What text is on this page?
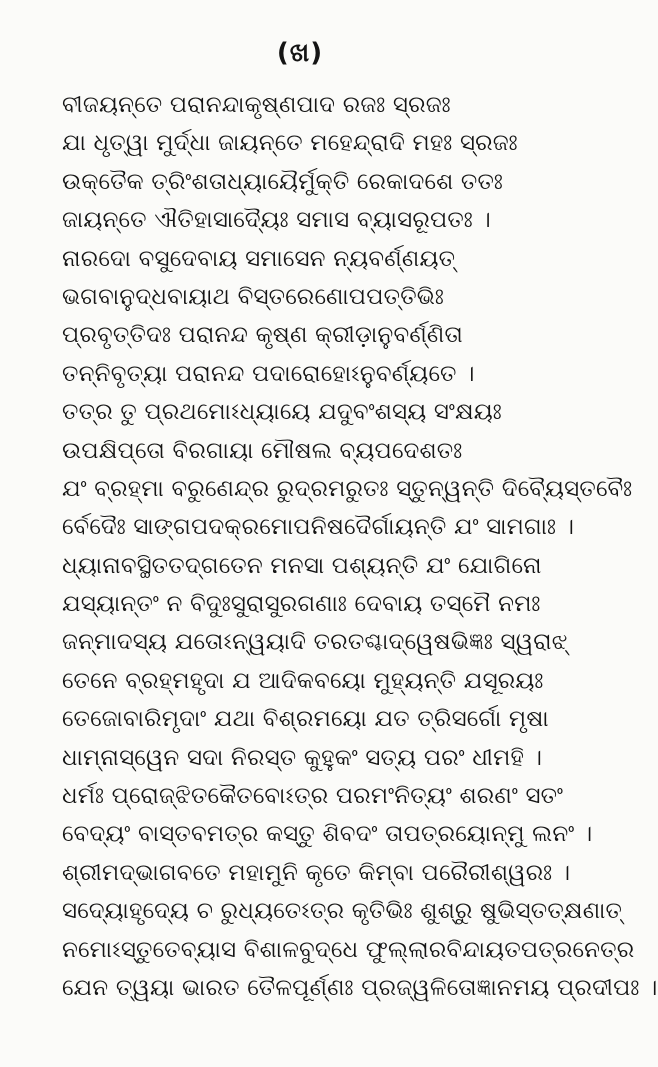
(ଖ)
ବୀଜୟନ୍ତେ ପରାନନ୍ଦାକୃଷ୍ଣପାଦ ରଜଃ ସ୍ରଜଃ
ଯା ଧୃତ୍ୱା ମୁର୍ଦ୍ଧା ଜାୟନ୍ତେ ମହେନ୍ଦ୍ରାଦି ମହଃ ସ୍ରଜଃ
ଉକ୍ତୈକ ତ୍ରିଂଶତାଧ୍ୟାୟୈର୍ମୁକ୍ତି ରେକାଦଶେ ତତଃ
ଜାୟନ୍ତେ ଐତିହାସାଦ୍ୟୈଃ ସମାସ ବ୍ୟାସରୂପତଃ ।
ନାରଦୋ ବସୁଦେବାୟ ସମାସେନ ନ୍ୟବର୍ଣ୍ଣୟତ୍
ଭଗବାନୁଦ୍ଧବାୟାଥ ବିସ୍ତରେଣୋପପତ୍ତିଭିଃ
ପ୍ରବୃତ୍ତିଦଃ ପରାନନ୍ଦ କୃଷ୍ଣ କ୍ରୀଡ଼ାନୁବର୍ଣ୍ଣିତା
ତନ୍ନିବୃତ୍ୟା ପରାନନ୍ଦ ପଦାରୋହୋଽନୁବର୍ଣ୍ୟତେ ।
ତତ୍ର ତୁ ପ୍ରଥମୋଽଧ୍ୟାୟେ ଯଦୁବଂଶସ୍ୟ ସଂକ୍ଷୟଃ
ଉପକ୍ଷିପ୍ତୋ ବିରଗାୟା ମୌଷଲ ବ୍ୟପଦେଶତଃ
ଯଂ ବ୍ରହ୍ମା ବରୁଣେନ୍ଦ୍ର ରୁଦ୍ରମରୁତଃ ସ୍ତୁନ୍ୱନ୍ତି ଦିବ୍ୟୈସ୍ତବୈଃ
ର୍ବେଦୈଃ ସାଙ୍ଗପଦକ୍ରମୋପନିଷଦୈର୍ଗାୟନ୍ତି ଯଂ ସାମଗାଃ ।
ଧ୍ୟାନାବସ୍ଥିତତଦ୍ଗତେନ ମନସା ପଶ୍ୟନ୍ତି ଯଂ ଯୋଗିନୋ
ଯସ୍ୟାନ୍ତଂ ନ ବିଦୁଃସୁରାସୁରଗଣାଃ ଦେବାୟ ତସ୍ମୈ ନମଃ
ଜନ୍ମାଦସ୍ୟ ଯତୋଽନ୍ୱୟାଦି ତରତଶ୍ଚାଦ୍ୱେଷଭିଜ୍ଞଃ ସ୍ୱରାଝ୍
ତେନେ ବ୍ରହ୍ମହୃଦା ଯ ଆଦିକବୟୋ ମୁହ୍ୟନ୍ତି ଯସୂରୟଃ
ତେଜୋବାରିମୃଦାଂ ଯଥା ବିଶ୍ରମୟୋ ଯତ ତ୍ରିସର୍ଗୋ ମୃଷା
ଧାମ୍ନାସ୍ୱେନ ସଦା ନିରସ୍ତ କୁହୁକଂ ସତ୍ୟ ପରଂ ଧୀମହି ।
ଧର୍ମଃ ପ୍ରୋଜ୍ଝିତକୈତବୋଽତ୍ର ପରମଂନିତ୍ୟଂ ଶରଣଂ ସତଂ
ବେଦ୍ୟଂ ବାସ୍ତବମତ୍ର କସ୍ତୁ ଶିବଦଂ ତାପତ୍ରୟୋନ୍ମୁ ଲନଂ ।
ଶ୍ରୀମଦ୍ଭାଗବତେ ମହାମୁନି କୃତେ କିମ୍ବା ପରୈରୀଶ୍ୱରଃ ।
ସଦ୍ୟୋହୃଦ୍ୟେ ଚ ରୁଧ୍ୟତେଽତ୍ର କୃତିଭିଃ ଶୁଶ୍ରୁ ଷୁଭିସ୍ତତ୍କ୍ଷଣାତ୍
ନମୋଽସ୍ତୁତେବ୍ୟାସ ବିଶାଳବୁଦ୍ଧେ ଫୁଲ୍ଲାରବିନ୍ଦାୟତପତ୍ରନେତ୍ର
ଯେନ ତ୍ୱୟା ଭାରତ ତୈଳପୂର୍ଣ୍ଣଃ ପ୍ରଜ୍ୱଳିତୋଜ୍ଞାନମୟ ପ୍ରଦୀପଃ ।
